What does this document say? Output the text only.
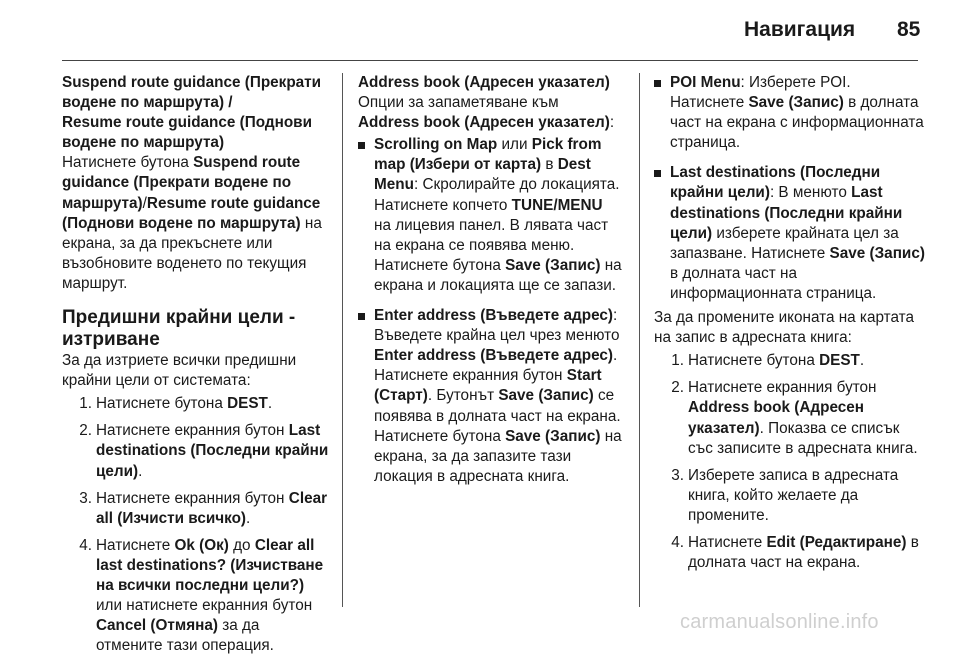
Навигация 85

Suspend route guidance (Прекрати водене по маршрута) /
Resume route guidance (Поднови водене по маршрута)

Натиснете бутона Suspend route guidance (Прекрати водене по маршрута)/Resume route guidance (Поднови водене по маршрута) на екрана, за да прекъснете или възобновите воденето по текущия маршрут.

Предишни крайни цели - изтриване

За да изтриете всички предишни крайни цели от системата:

1. Натиснете бутона DEST.
2. Натиснете екранния бутон Last destinations (Последни крайни цели).
3. Натиснете екранния бутон Clear all (Изчисти всичко).
4. Натиснете Ok (Ок) до Clear all last destinations? (Изчистване на всички последни цели?) или натиснете екранния бутон Cancel (Отмяна) за да отмените тази операция.

Address book (Адресен указател)

Опции за запаметяване към Address book (Адресен указател):

Scrolling on Map или Pick from map (Избери от карта) в Dest Menu: Скролирайте до локацията. Натиснете копчето TUNE/MENU на лицевия панел. В лявата част на екрана се появява меню. Натиснете бутона Save (Запис) на екрана и локацията ще се запази.
Enter address (Въведете адрес): Въведете крайна цел чрез менюто Enter address (Въведете адрес). Натиснете екранния бутон Start (Старт). Бутонът Save (Запис) се появява в долната част на екрана. Натиснете бутона Save (Запис) на екрана, за да запазите тази локация в адресната книга.
POI Menu: Изберете POI. Натиснете Save (Запис) в долната част на екрана с информационната страница.
Last destinations (Последни крайни цели): В менюто Last destinations (Последни крайни цели) изберете крайната цел за запазване. Натиснете Save (Запис) в долната част на информационната страница.

За да промените иконата на картата на запис в адресната книга:

1. Натиснете бутона DEST.
2. Натиснете екранния бутон Address book (Адресен указател). Показва се списък със записите в адресната книга.
3. Изберете записа в адресната книга, който желаете да промените.
4. Натиснете Edit (Редактиране) в долната част на екрана.
carmanualsonline.info
